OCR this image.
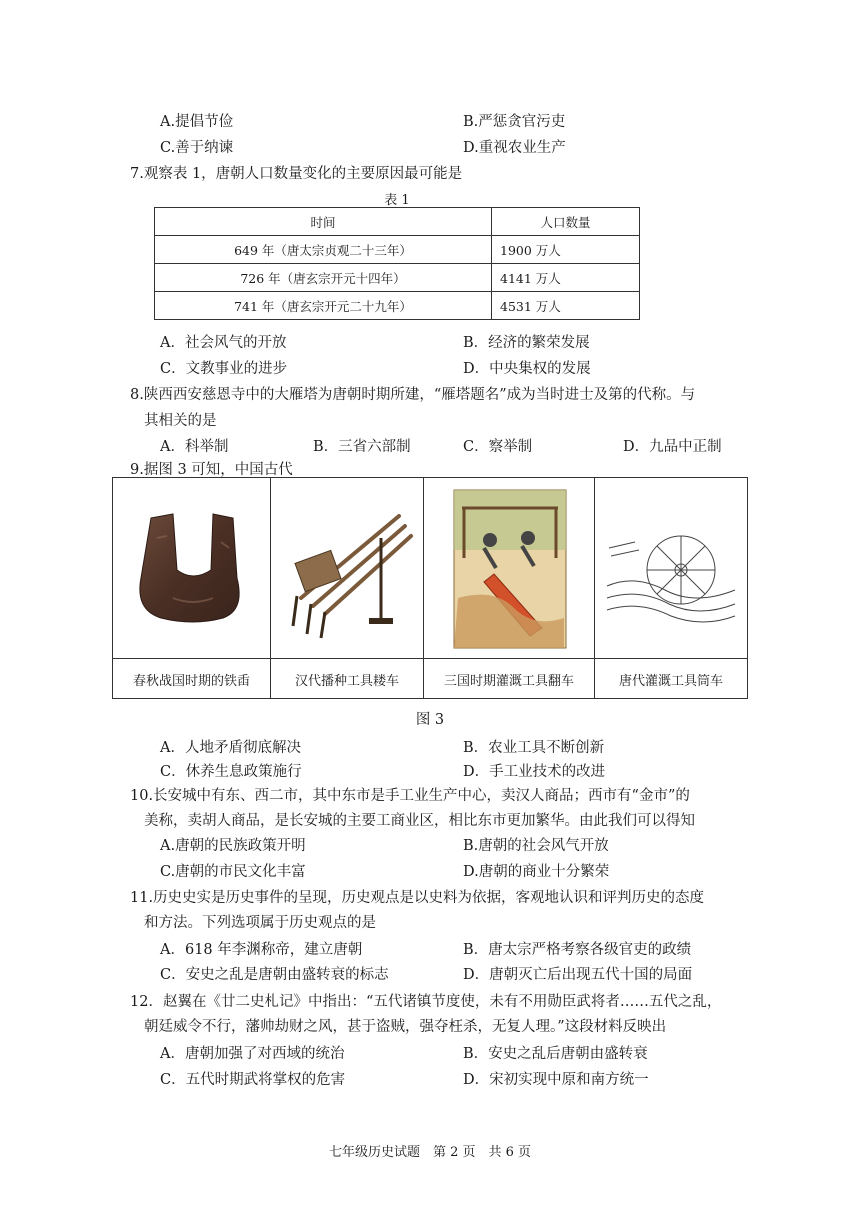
A.提倡节俭	B.严惩贪官污吏
C.善于纳谏	D.重视农业生产
7.观察表 1，唐朝人口数量变化的主要原因最可能是
表 1
时间	人口数量
649 年（唐太宗贞观二十三年）	1900 万人
726 年（唐玄宗开元十四年）	4141 万人
741 年（唐玄宗开元二十九年）	4531 万人
A．社会风气的开放	B．经济的繁荣发展
C．文教事业的进步	D．中央集权的发展
8.陕西西安慈恩寺中的大雁塔为唐朝时期所建，“雁塔题名”成为当时进士及第的代称。与
其相关的是
A．科举制	B．三省六部制	C．察举制	D．九品中正制
9.据图 3 可知，中国古代
春秋战国时期的铁臿	汉代播种工具耧车	三国时期灌溉工具翻车	唐代灌溉工具筒车
图 3
A．人地矛盾彻底解决	B．农业工具不断创新
C．休养生息政策施行	D．手工业技术的改进
10.长安城中有东、西二市，其中东市是手工业生产中心，卖汉人商品；西市有“金市”的
美称，卖胡人商品，是长安城的主要工商业区，相比东市更加繁华。由此我们可以得知
A.唐朝的民族政策开明	B.唐朝的社会风气开放
C.唐朝的市民文化丰富	D.唐朝的商业十分繁荣
11.历史史实是历史事件的呈现，历史观点是以史料为依据，客观地认识和评判历史的态度
和方法。下列选项属于历史观点的是
A．618 年李渊称帝，建立唐朝	B．唐太宗严格考察各级官吏的政绩
C．安史之乱是唐朝由盛转衰的标志	D．唐朝灭亡后出现五代十国的局面
12．赵翼在《廿二史札记》中指出：“五代诸镇节度使，未有不用勋臣武将者……五代之乱，
朝廷威令不行，藩帅劫财之风，甚于盗贼，强夺枉杀，无复人理。”这段材料反映出
A．唐朝加强了对西域的统治	B．安史之乱后唐朝由盛转衰
C．五代时期武将掌权的危害	D．宋初实现中原和南方统一
七年级历史试题　第 2 页　共 6 页
